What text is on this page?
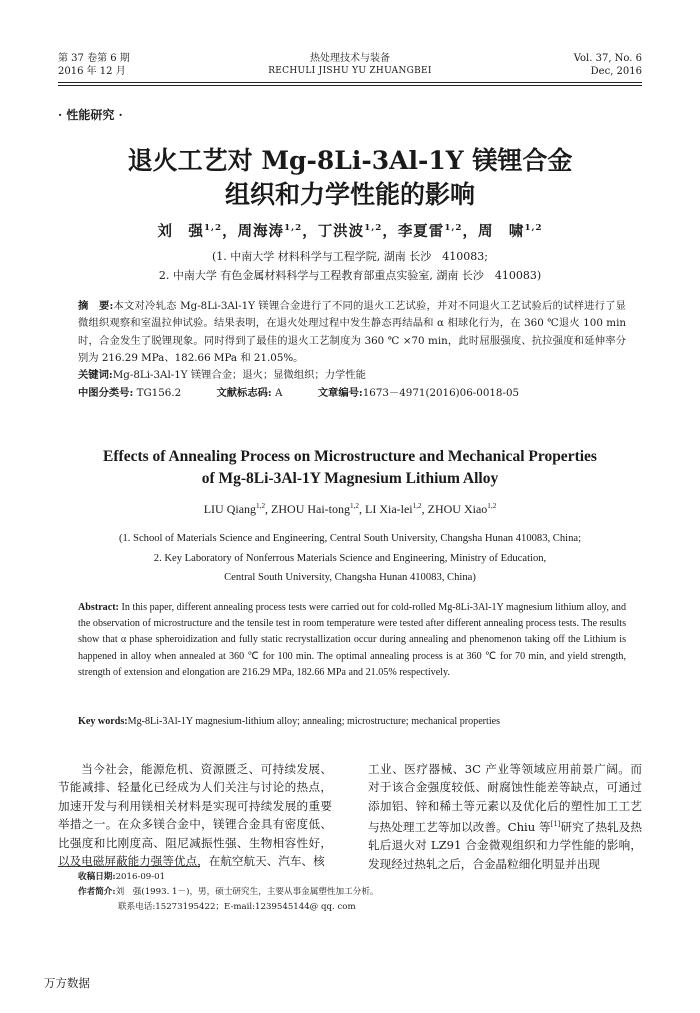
第 37 卷第 6 期
2016 年 12 月
热处理技术与装备
RECHULI JISHU YU ZHUANGBEI
Vol. 37, No. 6
Dec, 2016
· 性能研究 ·
退火工艺对 Mg-8Li-3Al-1Y 镁锂合金
组织和力学性能的影响
刘　强$^{1,2}$，周海涛$^{1,2}$，丁洪波$^{1,2}$，李夏雷$^{1,2}$，周　啸$^{1,2}$
(1. 中南大学 材料科学与工程学院, 湖南 长沙　410083;
2. 中南大学 有色金属材料科学与工程教育部重点实验室, 湖南 长沙　410083)
摘　要:本文对冷轧态 Mg-8Li-3Al-1Y 镁锂合金进行了不同的退火工艺试验，并对不同退火工艺试验后的试样进行了显微组织观察和室温拉伸试验。结果表明，在退火处理过程中发生静态再结晶和 α 相球化行为，在 360 ℃退火 100 min 时，合金发生了脱锂现象。同时得到了最佳的退火工艺制度为 360 ℃ ×70 min，此时屈服强度、抗拉强度和延伸率分别为 216.29 MPa、182.66 MPa 和 21.05%。
关键词:Mg-8Li-3Al-1Y 镁锂合金；退火；显微组织；力学性能
中图分类号: TG156.2	文献标志码: A	文章编号:1673－4971(2016)06-0018-05
Effects of Annealing Process on Microstructure and Mechanical Properties
of Mg-8Li-3Al-1Y Magnesium Lithium Alloy
LIU Qiang$^{1,2}$, ZHOU Hai-tong$^{1,2}$, LI Xia-lei$^{1,2}$, ZHOU Xiao$^{1,2}$
(1. School of Materials Science and Engineering, Central South University, Changsha Hunan 410083, China;
2. Key Laboratory of Nonferrous Materials Science and Engineering, Ministry of Education,
Central South University, Changsha Hunan 410083, China)
Abstract: In this paper, different annealing process tests were carried out for cold-rolled Mg-8Li-3Al-1Y magnesium lithium alloy, and the observation of microstructure and the tensile test in room temperature were tested after different annealing process tests. The results show that α phase spheroidization and fully static recrystallization occur during annealing and phenomenon taking off the Lithium is happened in alloy when annealed at 360 ℃ for 100 min. The optimal annealing process is at 360 ℃ for 70 min, and yield strength, strength of extension and elongation are 216.29 MPa, 182.66 MPa and 21.05% respectively.
Key words:Mg-8Li-3Al-1Y magnesium-lithium alloy; annealing; microstructure; mechanical properties

当今社会，能源危机、资源匮乏、可持续发展、节能减排、轻量化已经成为人们关注与讨论的热点，加速开发与利用镁相关材料是实现可持续发展的重要举措之一。在众多镁合金中，镁锂合金具有密度低、比强度和比刚度高、阻尼减振性强、生物相容性好，以及电磁屏蔽能力强等优点，在航空航天、汽车、核

工业、医疗器械、3C 产业等领域应用前景广阔。而对于该合金强度较低、耐腐蚀性能差等缺点，可通过添加铝、锌和稀土等元素以及优化后的塑性加工工艺与热处理工艺等加以改善。Chiu 等[1]研究了热轧及热轧后退火对 LZ91 合金微观组织和力学性能的影响，发现经过热轧之后，合金晶粒细化明显并出现

收稿日期:2016-09-01
作者简介:刘　强(1993. 1－)，男，硕士研究生，主要从事金属塑性加工分析。
联系电话:15273195422；E-mail:1239545144@ qq. com
万方数据
